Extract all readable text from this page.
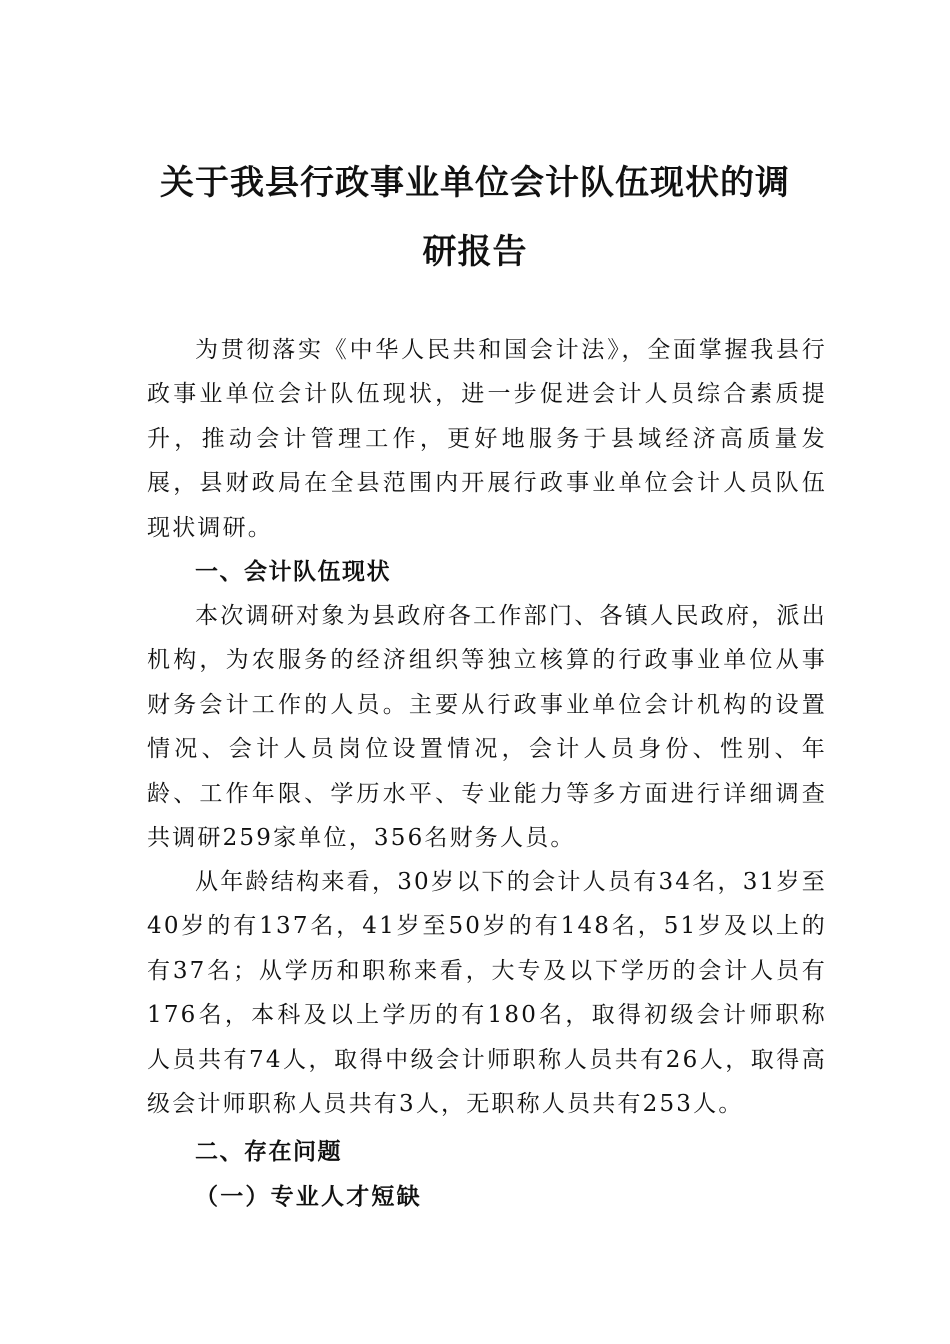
关于我县行政事业单位会计队伍现状的调
研报告

为贯彻落实《中华人民共和国会计法》，全面掌握我县行政事业单位会计队伍现状，进一步促进会计人员综合素质提升，推动会计管理工作，更好地服务于县域经济高质量发展，县财政局在全县范围内开展行政事业单位会计人员队伍现状调研。

一、会计队伍现状

本次调研对象为县政府各工作部门、各镇人民政府，派出机构，为农服务的经济组织等独立核算的行政事业单位从事财务会计工作的人员。主要从行政事业单位会计机构的设置情况、会计人员岗位设置情况，会计人员身份、性别、年龄、工作年限、学历水平、专业能力等多方面进行详细调查共调研259家单位，356名财务人员。

从年龄结构来看，30岁以下的会计人员有34名，31岁至40岁的有137名，41岁至50岁的有148名，51岁及以上的有37名；从学历和职称来看，大专及以下学历的会计人员有176名，本科及以上学历的有180名，取得初级会计师职称人员共有74人，取得中级会计师职称人员共有26人，取得高级会计师职称人员共有3人，无职称人员共有253人。

二、存在问题
（一）专业人才短缺
